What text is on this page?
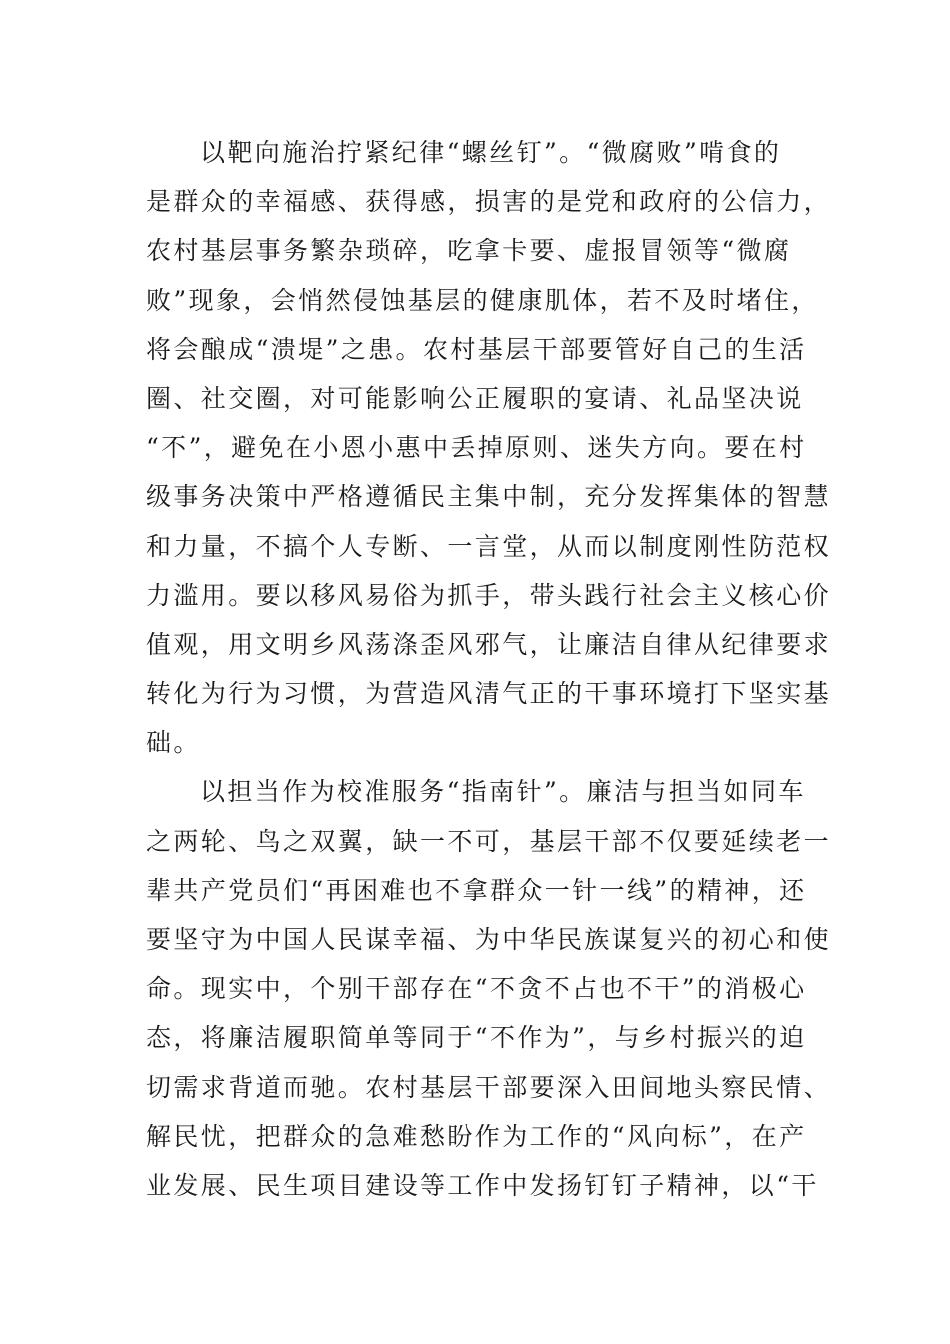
以靶向施治拧紧纪律“螺丝钉”。“微腐败”啃食的
是群众的幸福感、获得感，损害的是党和政府的公信力，
农村基层事务繁杂琐碎，吃拿卡要、虚报冒领等“微腐
败”现象，会悄然侵蚀基层的健康肌体，若不及时堵住，
将会酿成“溃堤”之患。农村基层干部要管好自己的生活
圈、社交圈，对可能影响公正履职的宴请、礼品坚决说
“不”，避免在小恩小惠中丢掉原则、迷失方向。要在村
级事务决策中严格遵循民主集中制，充分发挥集体的智慧
和力量，不搞个人专断、一言堂，从而以制度刚性防范权
力滥用。要以移风易俗为抓手，带头践行社会主义核心价
值观，用文明乡风荡涤歪风邪气，让廉洁自律从纪律要求
转化为行为习惯，为营造风清气正的干事环境打下坚实基
础。
以担当作为校准服务“指南针”。廉洁与担当如同车
之两轮、鸟之双翼，缺一不可，基层干部不仅要延续老一
辈共产党员们“再困难也不拿群众一针一线”的精神，还
要坚守为中国人民谋幸福、为中华民族谋复兴的初心和使
命。现实中，个别干部存在“不贪不占也不干”的消极心
态，将廉洁履职简单等同于“不作为”，与乡村振兴的迫
切需求背道而驰。农村基层干部要深入田间地头察民情、
解民忧，把群众的急难愁盼作为工作的“风向标”，在产
业发展、民生项目建设等工作中发扬钉钉子精神，以“干
